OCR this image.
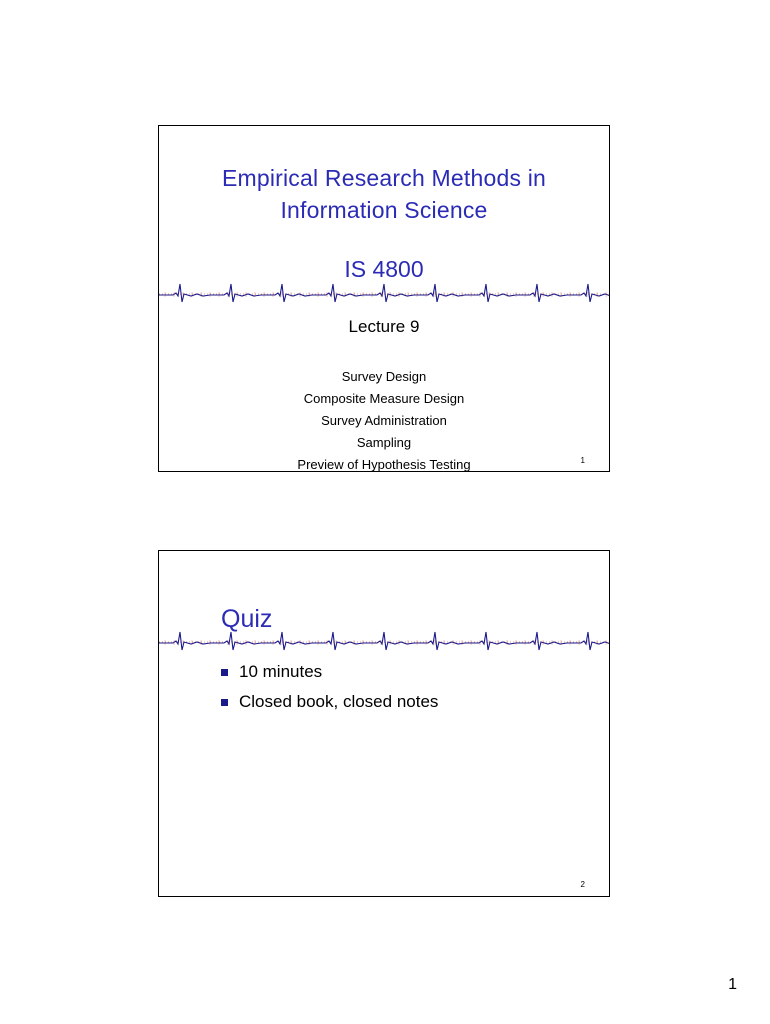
Empirical Research Methods in
Information Science
IS 4800
Lecture 9
Survey Design
Composite Measure Design
Survey Administration
Sampling
Preview of Hypothesis Testing	1
Quiz
10 minutes
Closed book, closed notes
2
1
